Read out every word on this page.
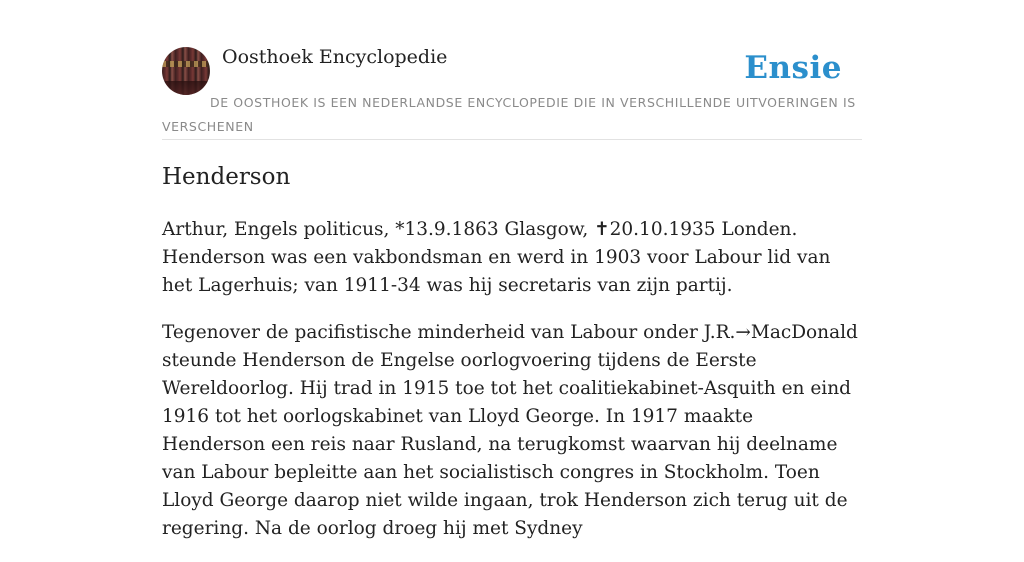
Oosthoek Encyclopedie	Ensie
DE OOSTHOEK IS EEN NEDERLANDSE ENCYCLOPEDIE DIE IN VERSCHILLENDE UITVOERINGEN IS VERSCHENEN
Henderson

Arthur, Engels politicus, *13.9.1863 Glasgow, ✝20.10.1935 Londen. Henderson was een vakbondsman en werd in 1903 voor Labour lid van het Lagerhuis; van 1911-34 was hij secretaris van zijn partij.

Tegenover de pacifistische minderheid van Labour onder J.R.→MacDonald steunde Henderson de Engelse oorlogvoering tijdens de Eerste Wereldoorlog. Hij trad in 1915 toe tot het coalitiekabinet-Asquith en eind 1916 tot het oorlogskabinet van Lloyd George. In 1917 maakte Henderson een reis naar Rusland, na terugkomst waarvan hij deelname van Labour bepleitte aan het socialistisch congres in Stockholm. Toen Lloyd George daarop niet wilde ingaan, trok Henderson zich terug uit de regering. Na de oorlog droeg hij met Sydney
